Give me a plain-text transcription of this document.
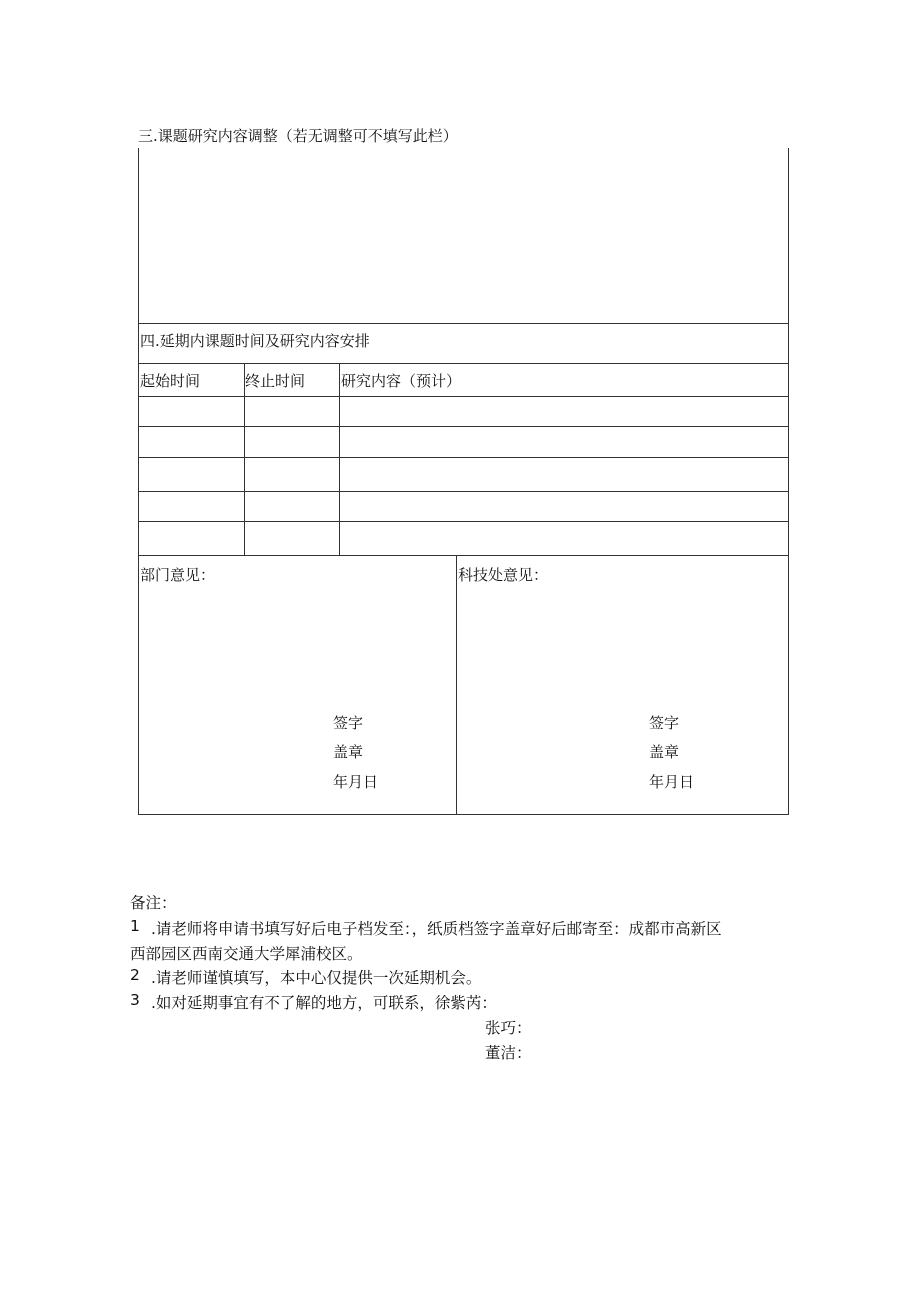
三.课题研究内容调整（若无调整可不填写此栏）
四.延期内课题时间及研究内容安排
起始时间	终止时间 研究内容（预计）
部门意见：
签字
盖章
年月日
科技处意见：
签字
盖章
年月日
备注：
1 .请老师将申请书填写好后电子档发至：，纸质档签字盖章好后邮寄至：成都市高新区
西部园区西南交通大学犀浦校区。
2 .请老师谨慎填写，本中心仅提供一次延期机会。
3 .如对延期事宜有不了解的地方，可联系，徐紫芮：
张巧：
董洁：
